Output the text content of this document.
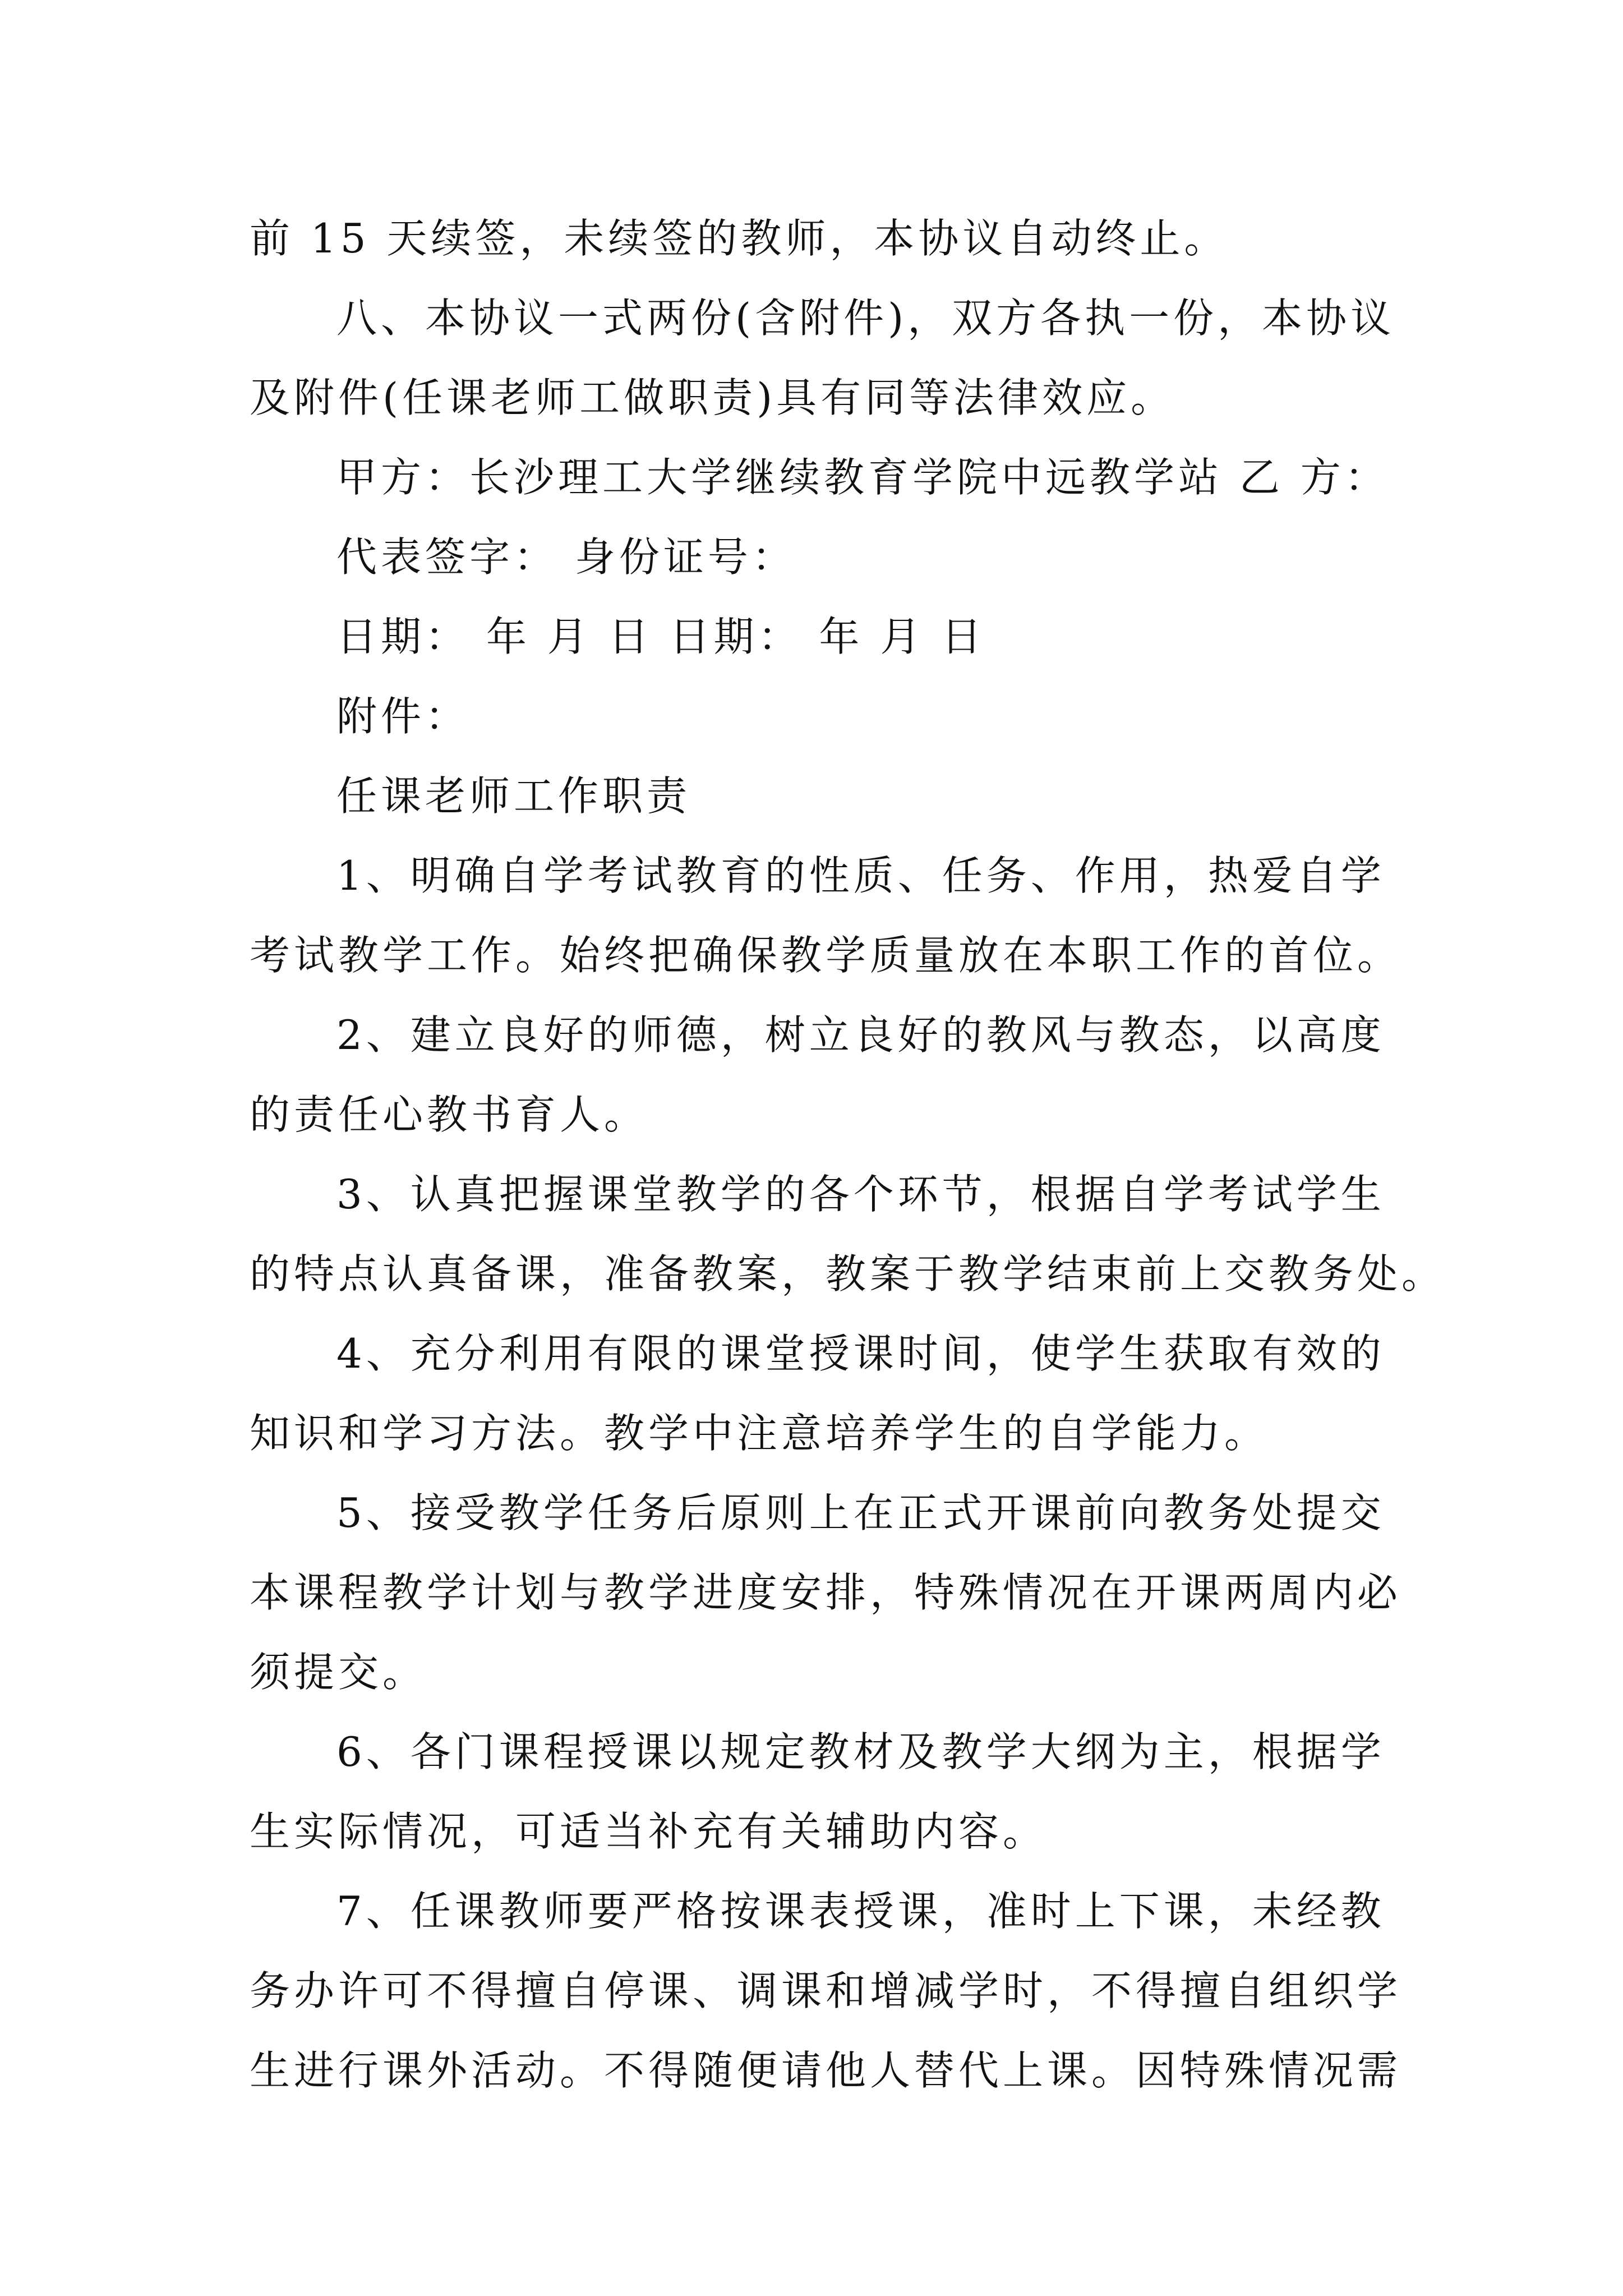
前 15 天续签，未续签的教师，本协议自动终止。
八、本协议一式两份(含附件)，双方各执一份，本协议
及附件(任课老师工做职责)具有同等法律效应。
甲方：长沙理工大学继续教育学院中远教学站 乙 方：
代表签字： 身份证号：
日期： 年 月 日 日期： 年 月 日
附件：
任课老师工作职责
1、明确自学考试教育的性质、任务、作用，热爱自学
考试教学工作。始终把确保教学质量放在本职工作的首位。
2、建立良好的师德，树立良好的教风与教态，以高度
的责任心教书育人。
3、认真把握课堂教学的各个环节，根据自学考试学生
的特点认真备课，准备教案，教案于教学结束前上交教务处。
4、充分利用有限的课堂授课时间，使学生获取有效的
知识和学习方法。教学中注意培养学生的自学能力。
5、接受教学任务后原则上在正式开课前向教务处提交
本课程教学计划与教学进度安排，特殊情况在开课两周内必
须提交。
6、各门课程授课以规定教材及教学大纲为主，根据学
生实际情况，可适当补充有关辅助内容。
7、任课教师要严格按课表授课，准时上下课，未经教
务办许可不得擅自停课、调课和增减学时，不得擅自组织学
生进行课外活动。不得随便请他人替代上课。因特殊情况需
